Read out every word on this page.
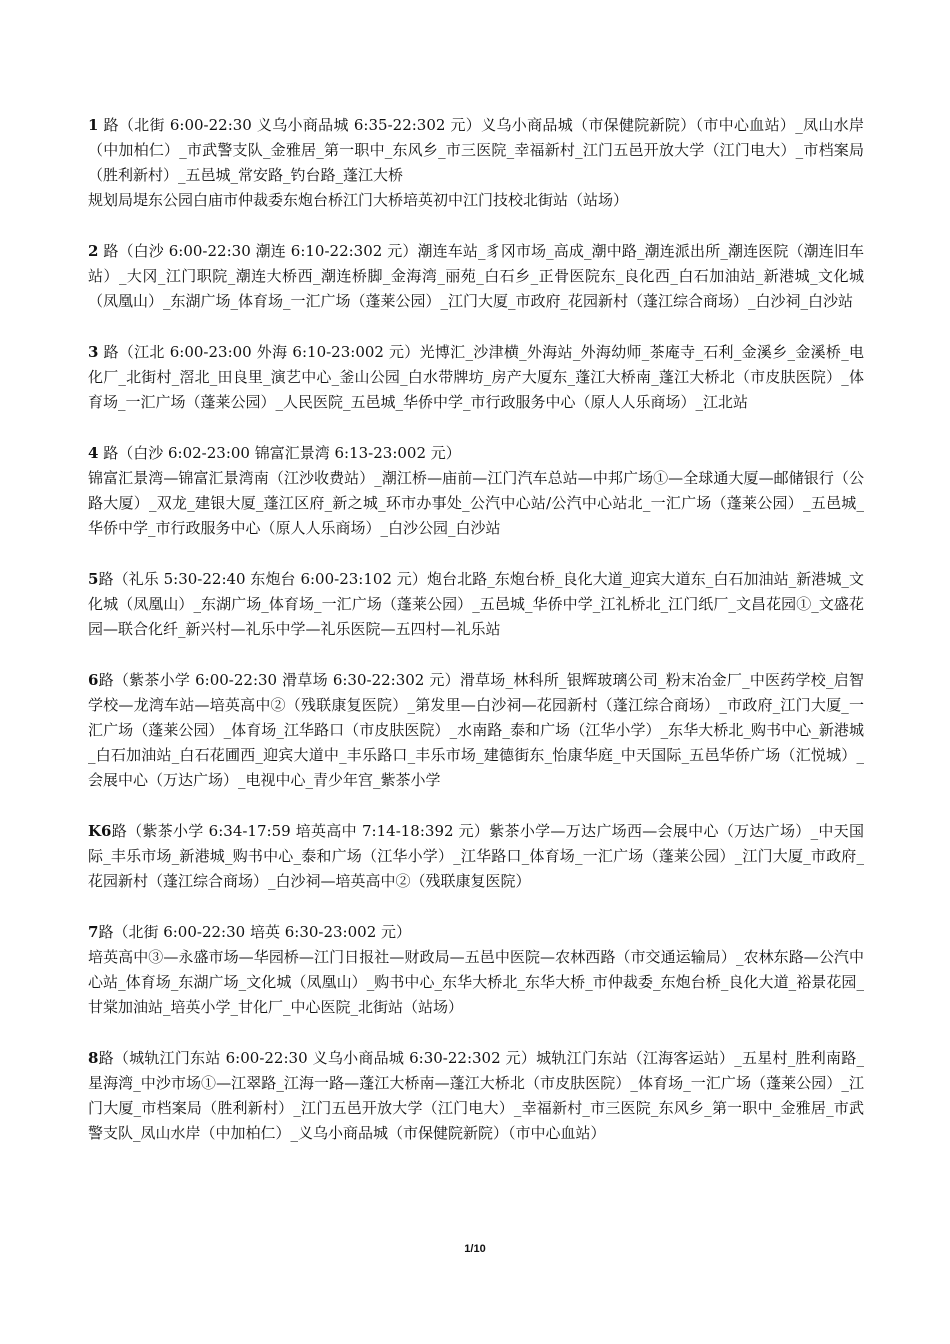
1 路（北街 6:00-22:30 义乌小商品城 6:35-22:302 元）义乌小商品城（市保健院新院）（市中心血站）_凤山水岸（中加柏仁）_市武警支队_金雅居_第一职中_东风乡_市三医院_幸福新村_江门五邑开放大学（江门电大）_市档案局（胜利新村）_五邑城_常安路_钓台路_蓬江大桥

规划局堤东公园白庙市仲裁委东炮台桥江门大桥培英初中江门技校北街站（站场）

2 路（白沙 6:00-22:30 潮连 6:10-22:302 元）潮连车站_豸冈市场_高成_潮中路_潮连派出所_潮连医院（潮连旧车站）_大冈_江门职院_潮连大桥西_潮连桥脚_金海湾_丽苑_白石乡_正骨医院东_良化西_白石加油站_新港城_文化城（凤凰山）_东湖广场_体育场_一汇广场（蓬莱公园）_江门大厦_市政府_花园新村（蓬江综合商场）_白沙祠_白沙站

3 路（江北 6:00-23:00 外海 6:10-23:002 元）光博汇_沙津横_外海站_外海幼师_茶庵寺_石利_金溪乡_金溪桥_电化厂_北街村_滘北_田良里_演艺中心_釜山公园_白水带牌坊_房产大厦东_蓬江大桥南_蓬江大桥北（市皮肤医院）_体育场_一汇广场（蓬莱公园）_人民医院_五邑城_华侨中学_市行政服务中心（原人人乐商场）_江北站

4 路（白沙 6:02-23:00 锦富汇景湾 6:13-23:002 元）

锦富汇景湾—锦富汇景湾南（江沙收费站）_潮江桥—庙前—江门汽车总站—中邦广场①—全球通大厦—邮储银行（公路大厦）_双龙_建银大厦_蓬江区府_新之城_环市办事处_公汽中心站/公汽中心站北_一汇广场（蓬莱公园）_五邑城_华侨中学_市行政服务中心（原人人乐商场）_白沙公园_白沙站

5路（礼乐 5:30-22:40 东炮台 6:00-23:102 元）炮台北路_东炮台桥_良化大道_迎宾大道东_白石加油站_新港城_文化城（凤凰山）_东湖广场_体育场_一汇广场（蓬莱公园）_五邑城_华侨中学_江礼桥北_江门纸厂_文昌花园①_文盛花园—联合化纤_新兴村—礼乐中学—礼乐医院—五四村—礼乐站

6路（紫茶小学 6:00-22:30 滑草场 6:30-22:302 元）滑草场_林科所_银辉玻璃公司_粉末冶金厂_中医药学校_启智学校—龙湾车站—培英高中②（残联康复医院）_第发里—白沙祠—花园新村（蓬江综合商场）_市政府_江门大厦_一汇广场（蓬莱公园）_体育场_江华路口（市皮肤医院）_水南路_泰和广场（江华小学）_东华大桥北_购书中心_新港城_白石加油站_白石花圃西_迎宾大道中_丰乐路口_丰乐市场_建德街东_怡康华庭_中天国际_五邑华侨广场（汇悦城）_会展中心（万达广场）_电视中心_青少年宫_紫茶小学

K6路（紫茶小学 6:34-17:59 培英高中 7:14-18:392 元）紫茶小学—万达广场西—会展中心（万达广场）_中天国际_丰乐市场_新港城_购书中心_泰和广场（江华小学）_江华路口_体育场_一汇广场（蓬莱公园）_江门大厦_市政府_花园新村（蓬江综合商场）_白沙祠—培英高中②（残联康复医院）

7路（北街 6:00-22:30 培英 6:30-23:002 元）

培英高中③—永盛市场—华园桥—江门日报社—财政局—五邑中医院—农林西路（市交通运输局）_农林东路—公汽中心站_体育场_东湖广场_文化城（凤凰山）_购书中心_东华大桥北_东华大桥_市仲裁委_东炮台桥_良化大道_裕景花园_甘棠加油站_培英小学_甘化厂_中心医院_北街站（站场）

8路（城轨江门东站 6:00-22:30 义乌小商品城 6:30-22:302 元）城轨江门东站（江海客运站）_五星村_胜利南路_星海湾_中沙市场①—江翠路_江海一路—蓬江大桥南—蓬江大桥北（市皮肤医院）_体育场_一汇广场（蓬莱公园）_江门大厦_市档案局（胜利新村）_江门五邑开放大学（江门电大）_幸福新村_市三医院_东风乡_第一职中_金雅居_市武警支队_凤山水岸（中加柏仁）_义乌小商品城（市保健院新院）（市中心血站）

1/10
